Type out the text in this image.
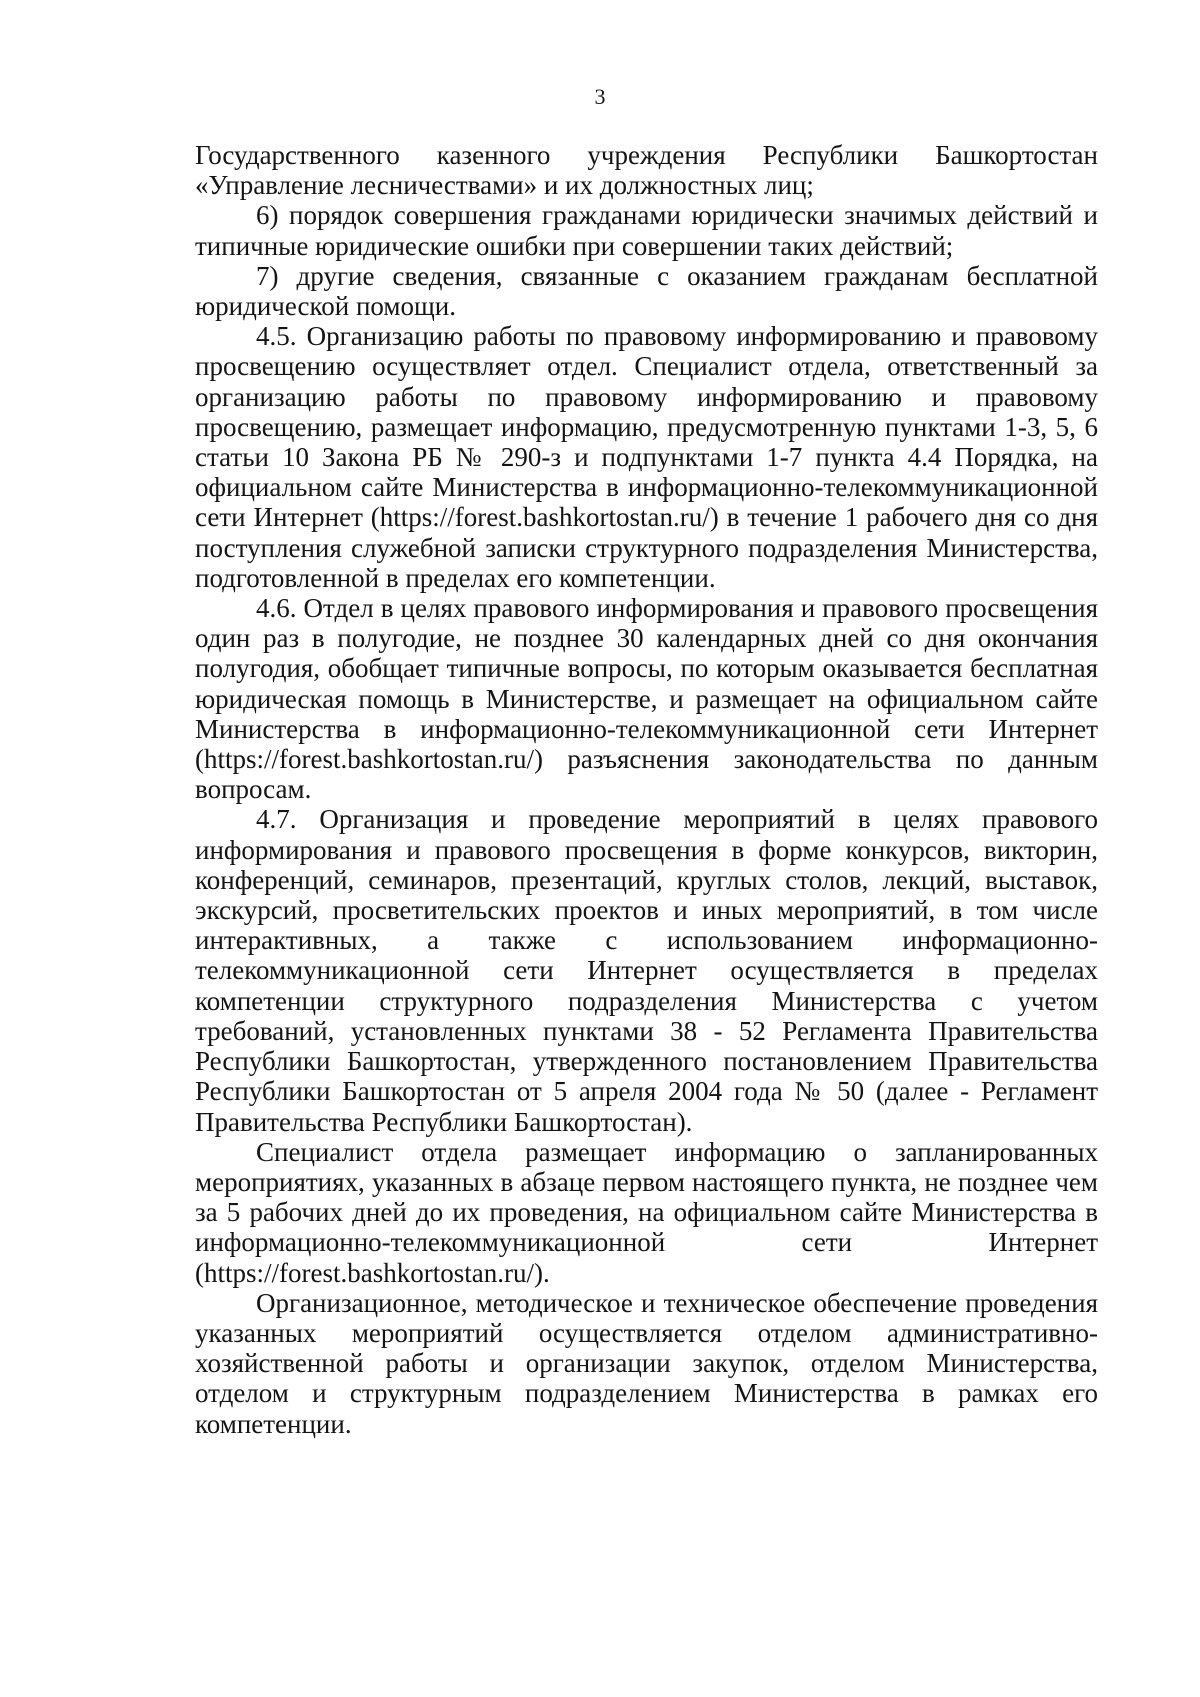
3

Государственного казенного учреждения Республики Башкортостан «Управление лесничествами» и их должностных лиц;

6) порядок совершения гражданами юридически значимых действий и типичные юридические ошибки при совершении таких действий;

7) другие сведения, связанные с оказанием гражданам бесплатной юридической помощи.

4.5. Организацию работы по правовому информированию и правовому просвещению осуществляет отдел. Специалист отдела, ответственный за организацию работы по правовому информированию и правовому просвещению, размещает информацию, предусмотренную пунктами 1-3, 5, 6 статьи 10 Закона РБ № 290-з и подпунктами 1-7 пункта 4.4 Порядка, на официальном сайте Министерства в информационно-телекоммуникационной сети Интернет (https://forest.bashkortostan.ru/) в течение 1 рабочего дня со дня поступления служебной записки структурного подразделения Министерства, подготовленной в пределах его компетенции.

4.6. Отдел в целях правового информирования и правового просвещения один раз в полугодие, не позднее 30 календарных дней со дня окончания полугодия, обобщает типичные вопросы, по которым оказывается бесплатная юридическая помощь в Министерстве, и размещает на официальном сайте Министерства в информационно-телекоммуникационной сети Интернет (https://forest.bashkortostan.ru/) разъяснения законодательства по данным вопросам.

4.7. Организация и проведение мероприятий в целях правового информирования и правового просвещения в форме конкурсов, викторин, конференций, семинаров, презентаций, круглых столов, лекций, выставок, экскурсий, просветительских проектов и иных мероприятий, в том числе интерактивных, а также с использованием информационно-телекоммуникационной сети Интернет осуществляется в пределах компетенции структурного подразделения Министерства с учетом требований, установленных пунктами 38 - 52 Регламента Правительства Республики Башкортостан, утвержденного постановлением Правительства Республики Башкортостан от 5 апреля 2004 года № 50 (далее - Регламент Правительства Республики Башкортостан).

Специалист отдела размещает информацию о запланированных мероприятиях, указанных в абзаце первом настоящего пункта, не позднее чем за 5 рабочих дней до их проведения, на официальном сайте Министерства в информационно-телекоммуникационной сети Интернет (https://forest.bashkortostan.ru/).

Организационное, методическое и техническое обеспечение проведения указанных мероприятий осуществляется отделом административно-хозяйственной работы и организации закупок, отделом Министерства, отделом и структурным подразделением Министерства в рамках его компетенции.
